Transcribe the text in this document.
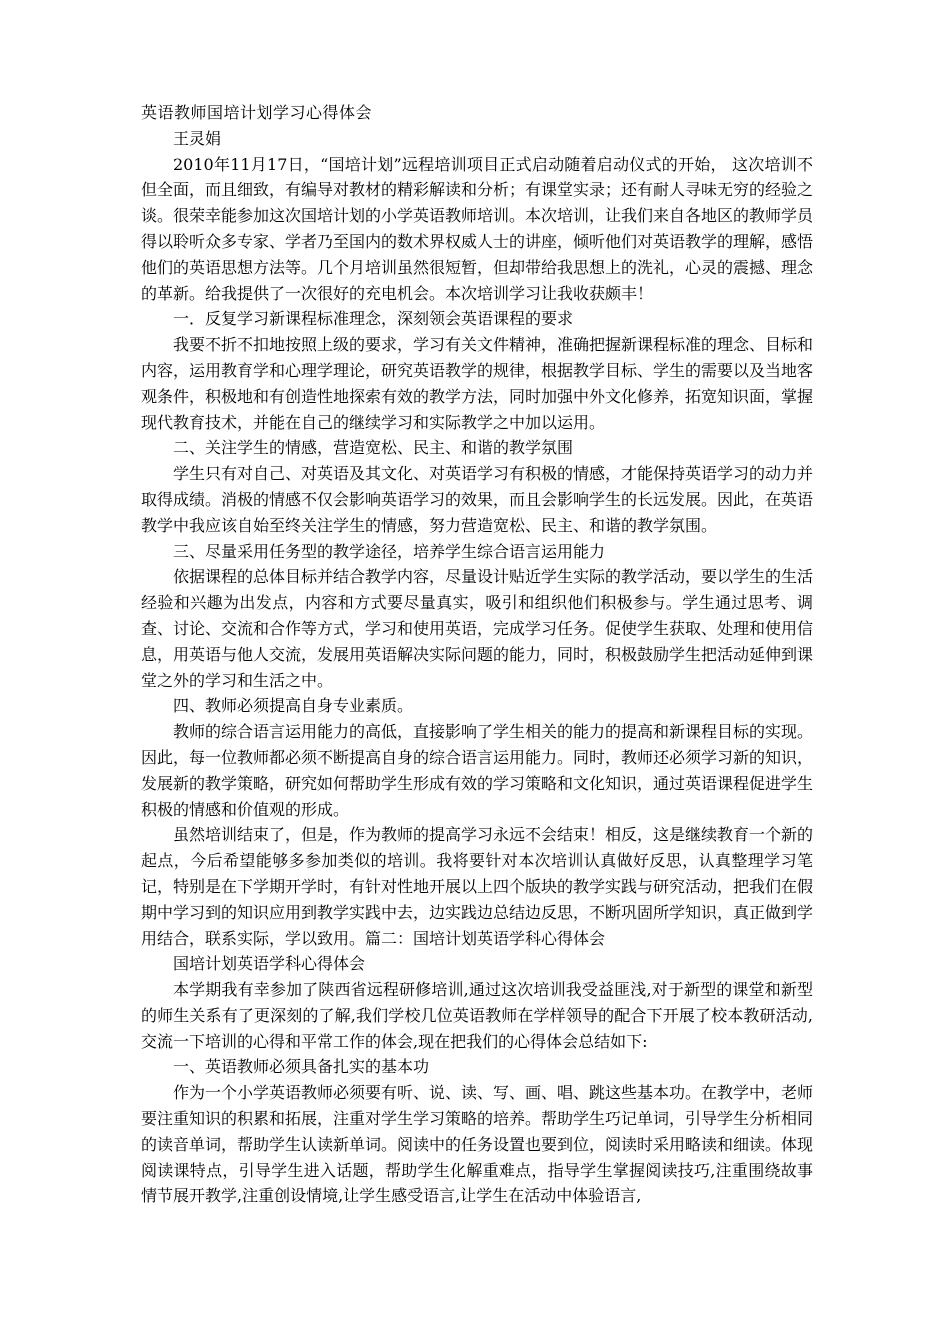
英语教师国培计划学习心得体会

王灵娟

2010年11月17日，“国培计划”远程培训项目正式启动随着启动仪式的开始， 这次培训不但全面，而且细致，有编导对教材的精彩解读和分析；有课堂实录；还有耐人寻味无穷的经验之谈。很荣幸能参加这次国培计划的小学英语教师培训。本次培训，让我们来自各地区的教师学员得以聆听众多专家、学者乃至国内的数术界权威人士的讲座，倾听他们对英语教学的理解，感悟他们的英语思想方法等。几个月培训虽然很短暂，但却带给我思想上的洗礼，心灵的震撼、理念的革新。给我提供了一次很好的充电机会。本次培训学习让我收获颇丰！

一．反复学习新课程标准理念，深刻领会英语课程的要求

我要不折不扣地按照上级的要求，学习有关文件精神，准确把握新课程标准的理念、目标和内容，运用教育学和心理学理论，研究英语教学的规律，根据教学目标、学生的需要以及当地客观条件，积极地和有创造性地探索有效的教学方法，同时加强中外文化修养，拓宽知识面，掌握现代教育技术，并能在自己的继续学习和实际教学之中加以运用。

二、关注学生的情感，营造宽松、民主、和谐的教学氛围

学生只有对自己、对英语及其文化、对英语学习有积极的情感，才能保持英语学习的动力并取得成绩。消极的情感不仅会影响英语学习的效果，而且会影响学生的长远发展。因此，在英语教学中我应该自始至终关注学生的情感，努力营造宽松、民主、和谐的教学氛围。

三、尽量采用任务型的教学途径，培养学生综合语言运用能力

依据课程的总体目标并结合教学内容，尽量设计贴近学生实际的教学活动，要以学生的生活经验和兴趣为出发点，内容和方式要尽量真实，吸引和组织他们积极参与。学生通过思考、调查、讨论、交流和合作等方式，学习和使用英语，完成学习任务。促使学生获取、处理和使用信息，用英语与他人交流，发展用英语解决实际问题的能力，同时，积极鼓励学生把活动延伸到课堂之外的学习和生活之中。

四、教师必须提高自身专业素质。

教师的综合语言运用能力的高低，直接影响了学生相关的能力的提高和新课程目标的实现。因此，每一位教师都必须不断提高自身的综合语言运用能力。同时，教师还必须学习新的知识，发展新的教学策略，研究如何帮助学生形成有效的学习策略和文化知识，通过英语课程促进学生积极的情感和价值观的形成。

虽然培训结束了，但是，作为教师的提高学习永远不会结束！相反，这是继续教育一个新的起点，今后希望能够多参加类似的培训。我将要针对本次培训认真做好反思，认真整理学习笔记，特别是在下学期开学时，有针对性地开展以上四个版块的教学实践与研究活动，把我们在假期中学习到的知识应用到教学实践中去，边实践边总结边反思，不断巩固所学知识，真正做到学用结合，联系实际，学以致用。篇二：国培计划英语学科心得体会

国培计划英语学科心得体会

本学期我有幸参加了陕西省远程研修培训,通过这次培训我受益匪浅,对于新型的课堂和新型的师生关系有了更深刻的了解,我们学校几位英语教师在学样领导的配合下开展了校本教研活动,交流一下培训的心得和平常工作的体会,现在把我们的心得体会总结如下:

一、英语教师必须具备扎实的基本功

作为一个小学英语教师必须要有听、说、读、写、画、唱、跳这些基本功。在教学中，老师要注重知识的积累和拓展，注重对学生学习策略的培养。帮助学生巧记单词，引导学生分析相同的读音单词，帮助学生认读新单词。阅读中的任务设置也要到位，阅读时采用略读和细读。体现阅读课特点，引导学生进入话题，帮助学生化解重难点，指导学生掌握阅读技巧,注重围绕故事情节展开教学,注重创设情境,让学生感受语言,让学生在活动中体验语言,
